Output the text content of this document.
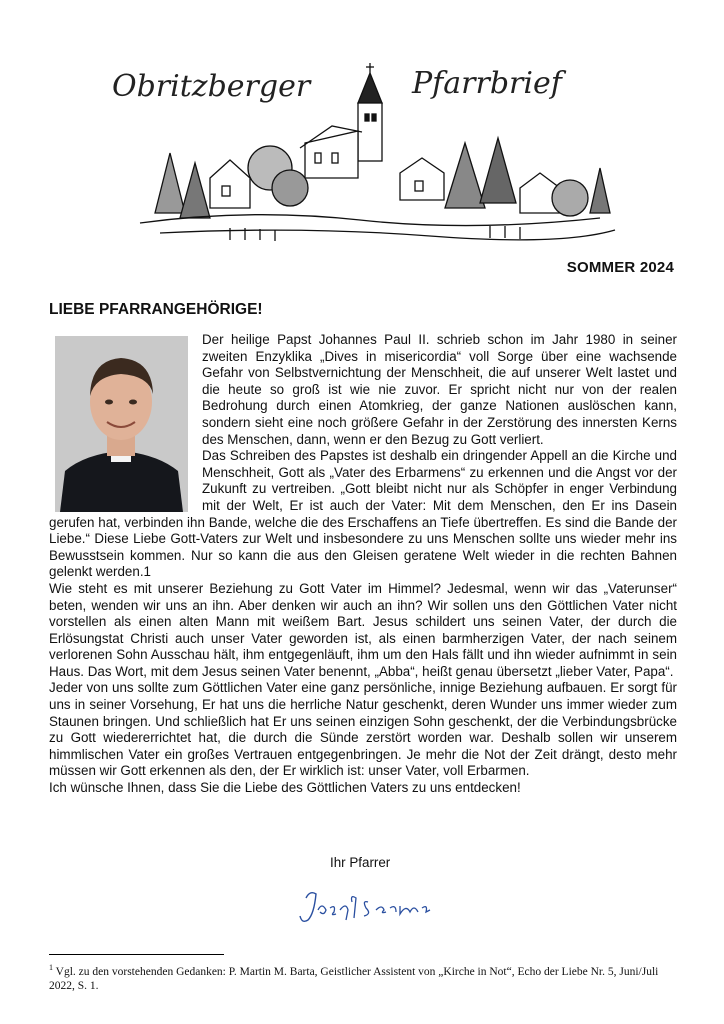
Obritzberger	Pfarrbrief
SOMMER 2024
LIEBE PFARRANGEHÖRIGE!

Der heilige Papst Johannes Paul II. schrieb schon im Jahr 1980 in seiner zweiten Enzyklika „Dives in misericordia“ voll Sorge über eine wachsende Gefahr von Selbstvernichtung der Menschheit, die auf unserer Welt lastet und die heute so groß ist wie nie zuvor. Er spricht nicht nur von der realen Bedrohung durch einen Atomkrieg, der ganze Nationen auslöschen kann, sondern sieht eine noch größere Gefahr in der Zerstörung des innersten Kerns des Menschen, dann, wenn er den Bezug zu Gott verliert.

Das Schreiben des Papstes ist deshalb ein dringender Appell an die Kirche und Menschheit, Gott als „Vater des Erbarmens“ zu erkennen und die Angst vor der Zukunft zu vertreiben. „Gott bleibt nicht nur als Schöpfer in enger Verbindung mit der Welt, Er ist auch der Vater: Mit dem Menschen, den Er ins Dasein gerufen hat, verbinden ihn Bande, welche die des Erschaffens an Tiefe übertreffen. Es sind die Bande der Liebe.“ Diese Liebe Gott-Vaters zur Welt und insbesondere zu uns Menschen sollte uns wieder mehr ins Bewusstsein kommen. Nur so kann die aus den Gleisen geratene Welt wieder in die rechten Bahnen gelenkt werden.1

Wie steht es mit unserer Beziehung zu Gott Vater im Himmel? Jedesmal, wenn wir das „Vaterunser“ beten, wenden wir uns an ihn. Aber denken wir auch an ihn? Wir sollen uns den Göttlichen Vater nicht vorstellen als einen alten Mann mit weißem Bart. Jesus schildert uns seinen Vater, der durch die Erlösungstat Christi auch unser Vater geworden ist, als einen barmherzigen Vater, der nach seinem verlorenen Sohn Ausschau hält, ihm entgegenläuft, ihm um den Hals fällt und ihn wieder aufnimmt in sein Haus. Das Wort, mit dem Jesus seinen Vater benennt, „Abba“, heißt genau übersetzt „lieber Vater, Papa“.

Jeder von uns sollte zum Göttlichen Vater eine ganz persönliche, innige Beziehung aufbauen. Er sorgt für uns in seiner Vorsehung, Er hat uns die herrliche Natur geschenkt, deren Wunder uns immer wieder zum Staunen bringen. Und schließlich hat Er uns seinen einzigen Sohn geschenkt, der die Verbindungsbrücke zu Gott wiedererrichtet hat, die durch die Sünde zerstört worden war. Deshalb sollen wir unserem himmlischen Vater ein großes Vertrauen entgegenbringen. Je mehr die Not der Zeit drängt, desto mehr müssen wir Gott erkennen als den, der Er wirklich ist: unser Vater, voll Erbarmen.

Ich wünsche Ihnen, dass Sie die Liebe des Göttlichen Vaters zu uns entdecken!

Ihr Pfarrer
$^1$ Vgl. zu den vorstehenden Gedanken: P. Martin M. Barta, Geistlicher Assistent von „Kirche in Not“, Echo der Liebe Nr. 5, Juni/Juli 2022, S. 1.
